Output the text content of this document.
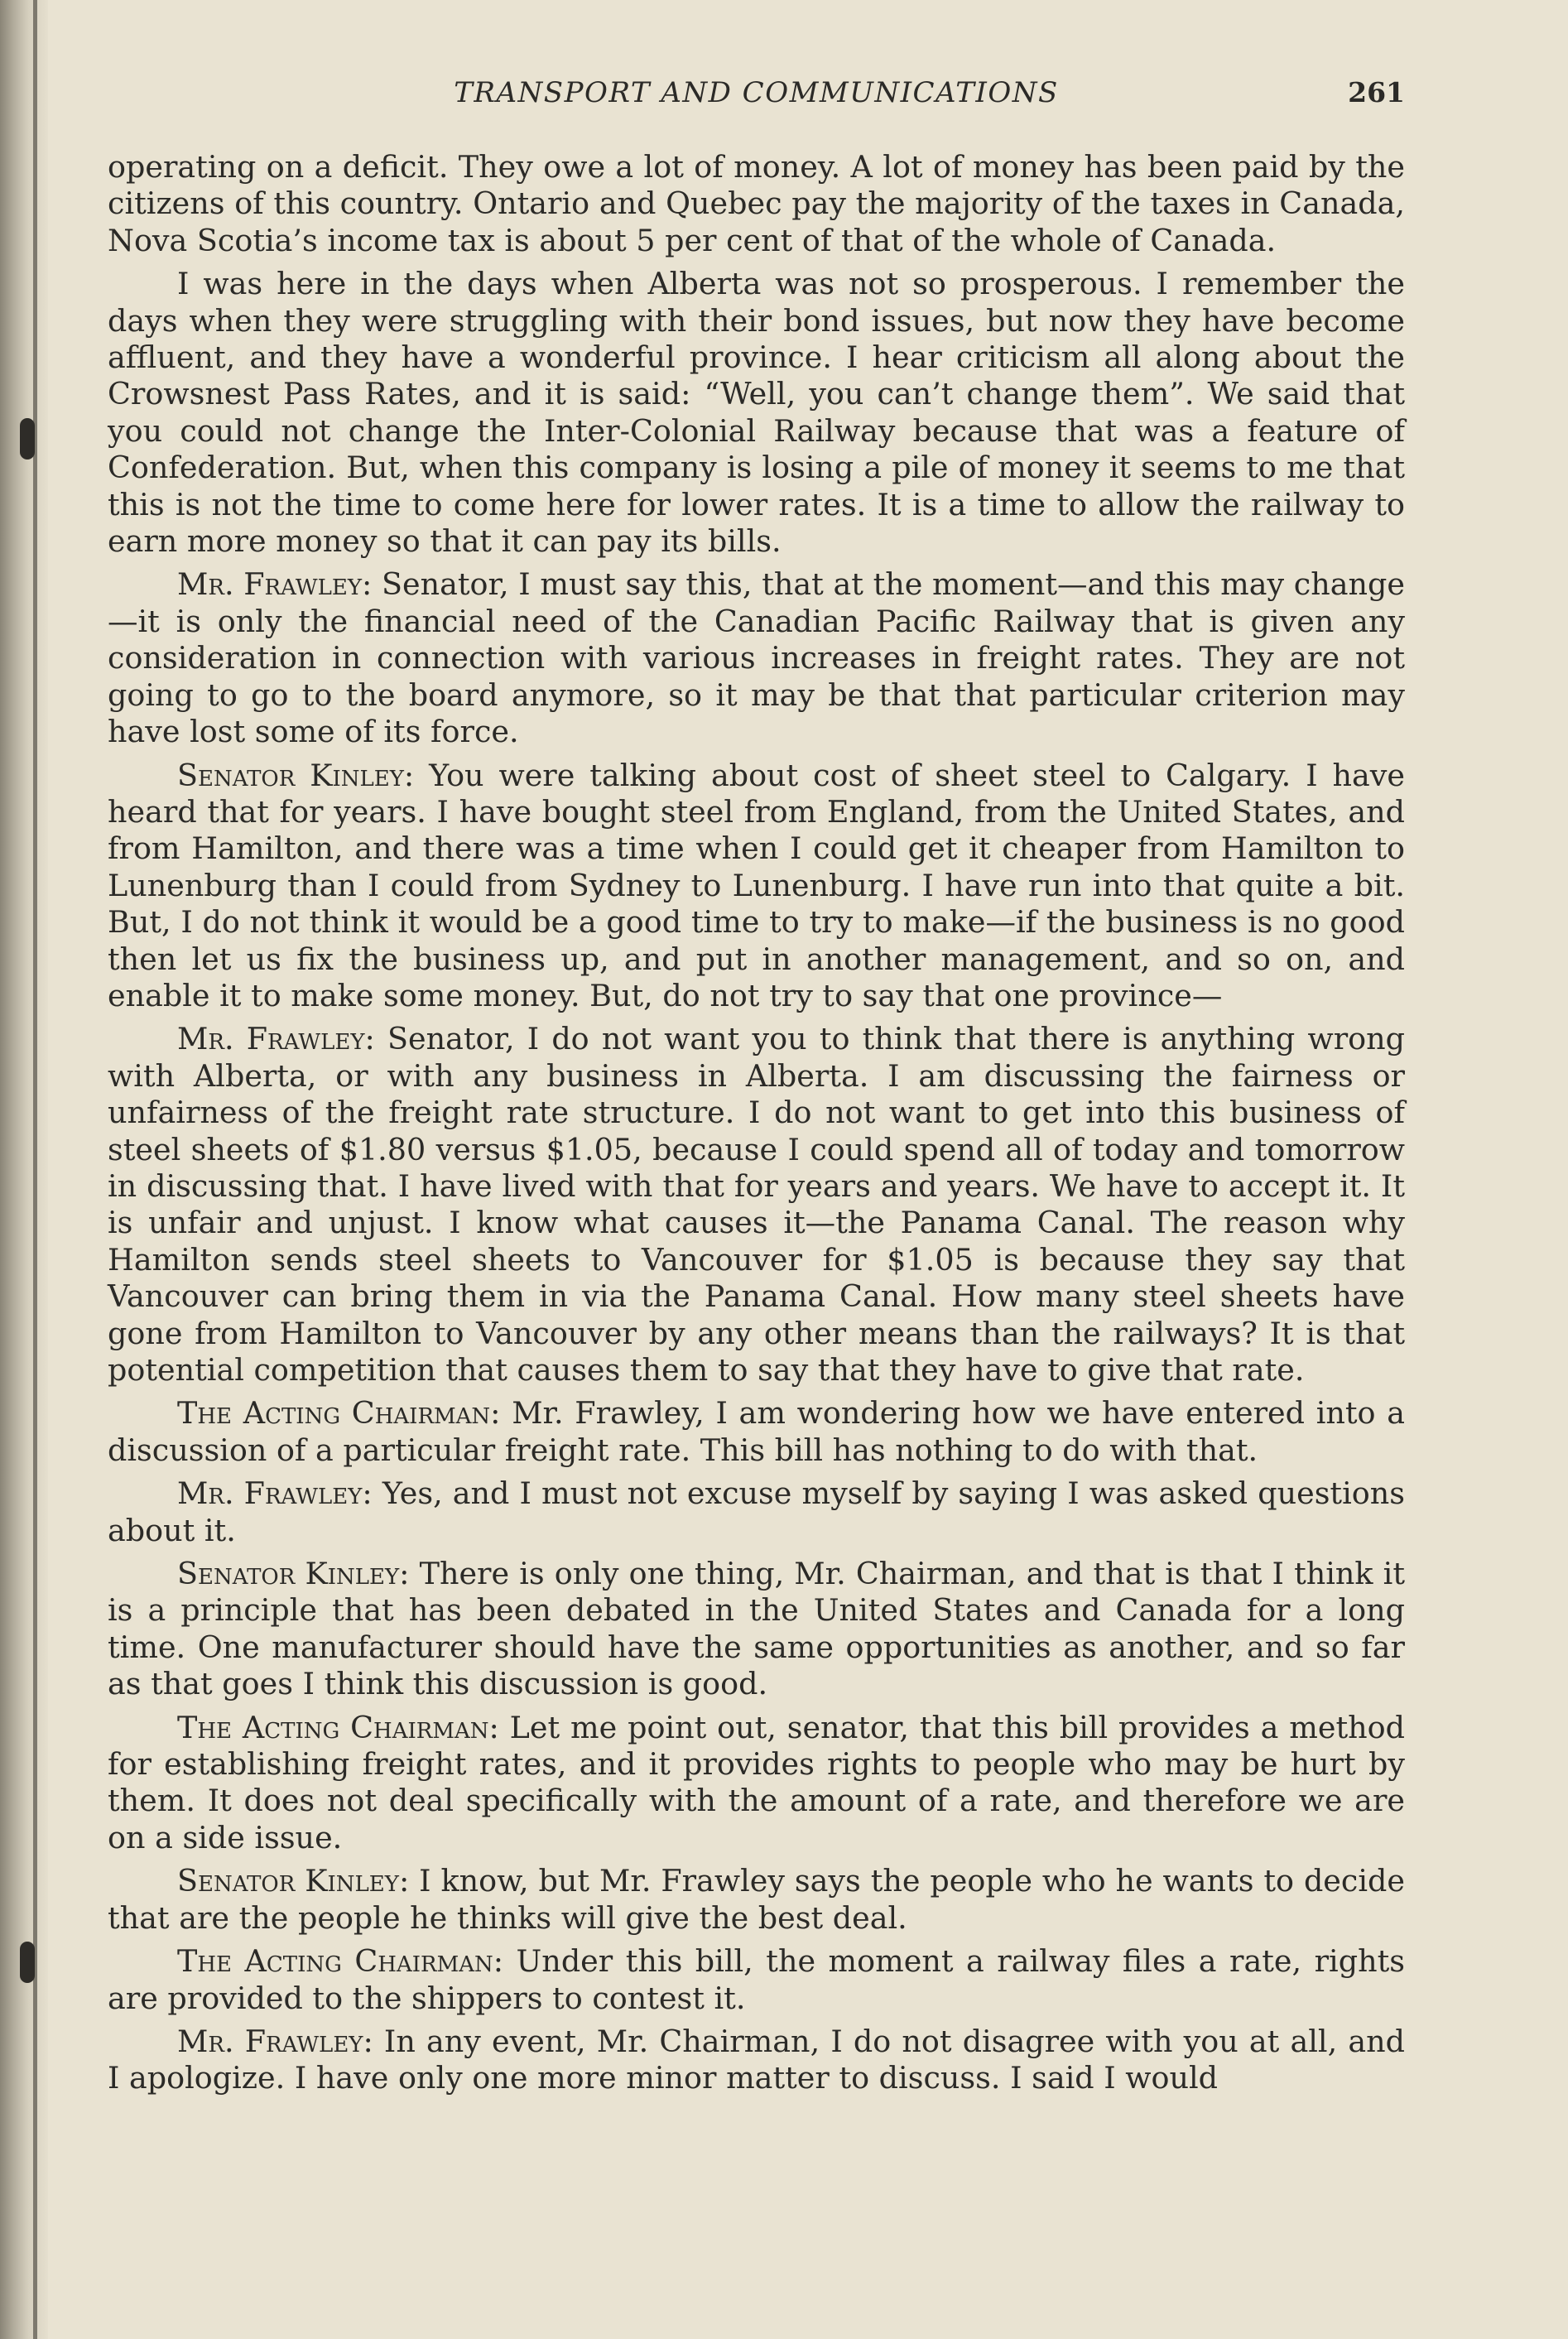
TRANSPORT AND COMMUNICATIONS	261

operating on a deficit. They owe a lot of money. A lot of money has been paid by the citizens of this country. Ontario and Quebec pay the majority of the taxes in Canada, Nova Scotia’s income tax is about 5 per cent of that of the whole of Canada.

I was here in the days when Alberta was not so prosperous. I remember the days when they were struggling with their bond issues, but now they have become affluent, and they have a wonderful province. I hear criticism all along about the Crowsnest Pass Rates, and it is said: “Well, you can’t change them”. We said that you could not change the Inter-Colonial Railway because that was a feature of Confederation. But, when this company is losing a pile of money it seems to me that this is not the time to come here for lower rates. It is a time to allow the railway to earn more money so that it can pay its bills.

Mr. Frawley: Senator, I must say this, that at the moment—and this may change—it is only the financial need of the Canadian Pacific Railway that is given any consideration in connection with various increases in freight rates. They are not going to go to the board anymore, so it may be that that particular criterion may have lost some of its force.

Senator Kinley: You were talking about cost of sheet steel to Calgary. I have heard that for years. I have bought steel from England, from the United States, and from Hamilton, and there was a time when I could get it cheaper from Hamilton to Lunenburg than I could from Sydney to Lunenburg. I have run into that quite a bit. But, I do not think it would be a good time to try to make—if the business is no good then let us fix the business up, and put in another management, and so on, and enable it to make some money. But, do not try to say that one province—

Mr. Frawley: Senator, I do not want you to think that there is anything wrong with Alberta, or with any business in Alberta. I am discussing the fairness or unfairness of the freight rate structure. I do not want to get into this business of steel sheets of $1.80 versus $1.05, because I could spend all of today and tomorrow in discussing that. I have lived with that for years and years. We have to accept it. It is unfair and unjust. I know what causes it—the Panama Canal. The reason why Hamilton sends steel sheets to Vancouver for $1.05 is because they say that Vancouver can bring them in via the Panama Canal. How many steel sheets have gone from Hamilton to Vancouver by any other means than the railways? It is that potential competition that causes them to say that they have to give that rate.

The Acting Chairman: Mr. Frawley, I am wondering how we have entered into a discussion of a particular freight rate. This bill has nothing to do with that.

Mr. Frawley: Yes, and I must not excuse myself by saying I was asked questions about it.

Senator Kinley: There is only one thing, Mr. Chairman, and that is that I think it is a principle that has been debated in the United States and Canada for a long time. One manufacturer should have the same opportunities as another, and so far as that goes I think this discussion is good.

The Acting Chairman: Let me point out, senator, that this bill provides a method for establishing freight rates, and it provides rights to people who may be hurt by them. It does not deal specifically with the amount of a rate, and therefore we are on a side issue.

Senator Kinley: I know, but Mr. Frawley says the people who he wants to decide that are the people he thinks will give the best deal.

The Acting Chairman: Under this bill, the moment a railway files a rate, rights are provided to the shippers to contest it.

Mr. Frawley: In any event, Mr. Chairman, I do not disagree with you at all, and I apologize. I have only one more minor matter to discuss. I said I would
